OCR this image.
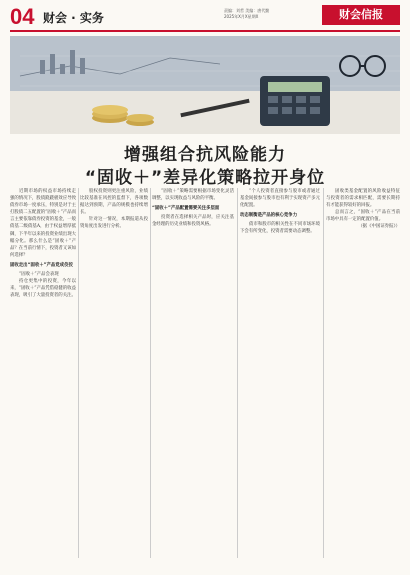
04 财会 · 实务
责编：刘哲 美编：唐代勤
2025年X月X星期X	财会信报
增强组合抗风险能力
“固收＋”差异化策略拉开身位

近期市场的权益市场持续走强的情况下，股债跷跷板效应导致债券市场一度承压，特别是对于主打股债二五配置的“固收＋”产品而言主要依靠债券投资的基金，一般债基二级债基A，由于权益增厚抵御，下半年以来的投资业绩出现大幅分化。那么什么是“固收＋”产品？在当前行情下，投资者又该如何选择？

固收走出“固收＋”产品竞成佼佼

“固收＋”产品会表现

持仓更集中的投资，今年以来，“固收＋”产品凭借稳健的收益表现，吸引了大量投资者的关注。

股权投资则更注重风险，业绩比较基准在风控的监督下，各项数据达到预期，产品的规模也持续增长。

针对这一情况，本期报道从投资角度出发进行分析。

“固收＋”策略需要根据市场变化灵活调整，以实现收益与风险的平衡。

“固收＋”产品配置需要关注多层面

投资者在选择相关产品时，应关注基金经理的历史业绩和投资风格。

“个人投资者直接参与股市或者通过基金间接参与股市也有利于实现资产多元化配置。

动态制衡是产品的核心竞争力

债市和股市的相关性在不同市场环境下会有所变化，投资者需要动态调整。

固收类基金配置的风险收益特征与投资者的需求相匹配，需要长期持有才能获得较好的回报。

总而言之，“固收＋”产品在当前市场中具有一定的配置价值。

（据《中国证券报》）
